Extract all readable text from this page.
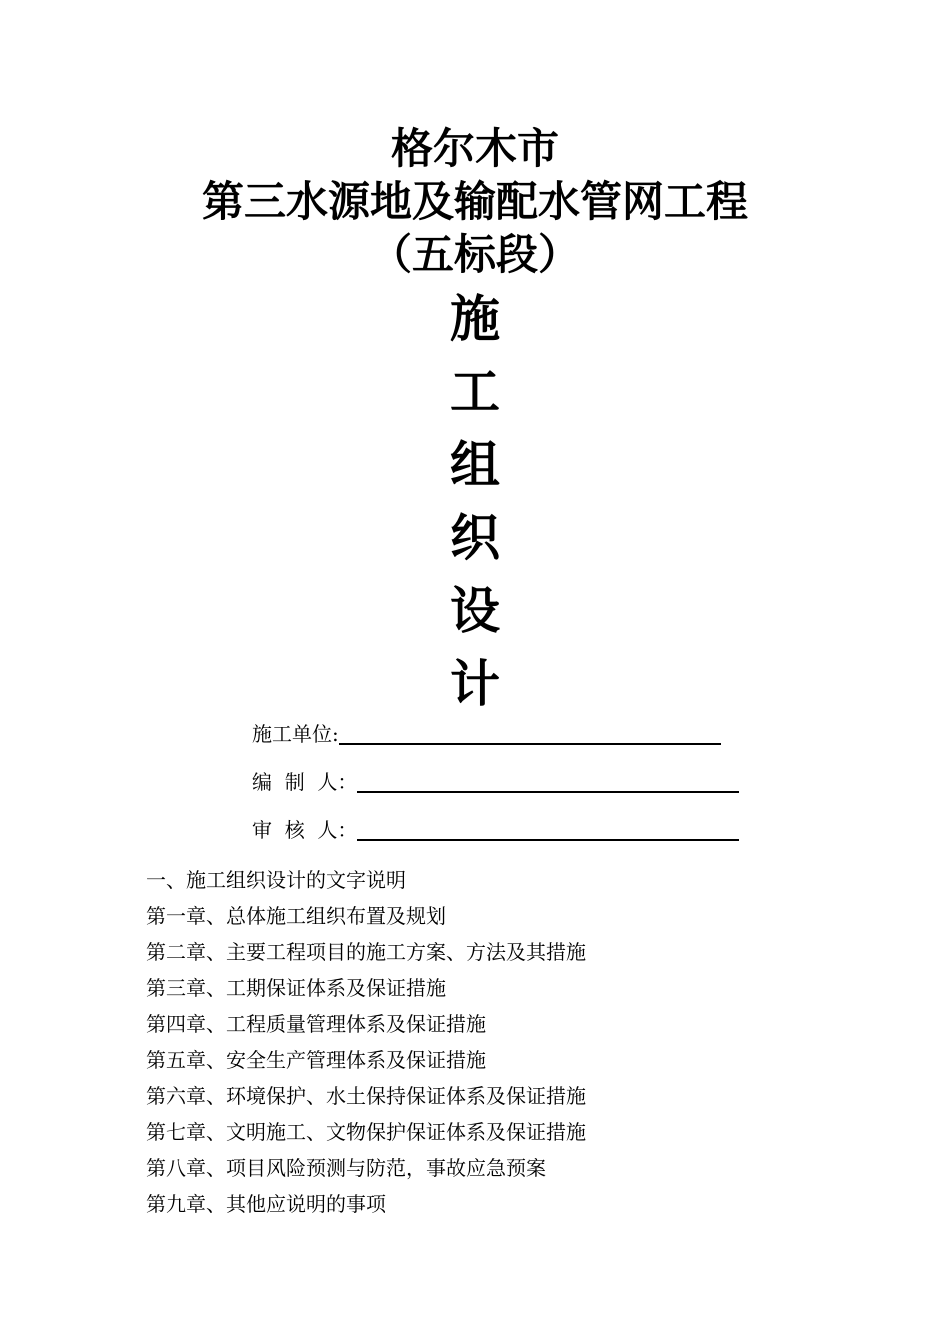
格尔木市
第三水源地及输配水管网工程
（五标段）
施
工
组
织
设
计
施工单位:
编  制  人：
审  核  人：
一、施工组织设计的文字说明
第一章、总体施工组织布置及规划
第二章、主要工程项目的施工方案、方法及其措施
第三章、工期保证体系及保证措施
第四章、工程质量管理体系及保证措施
第五章、安全生产管理体系及保证措施
第六章、环境保护、水土保持保证体系及保证措施
第七章、文明施工、文物保护保证体系及保证措施
第八章、项目风险预测与防范，事故应急预案
第九章、其他应说明的事项
